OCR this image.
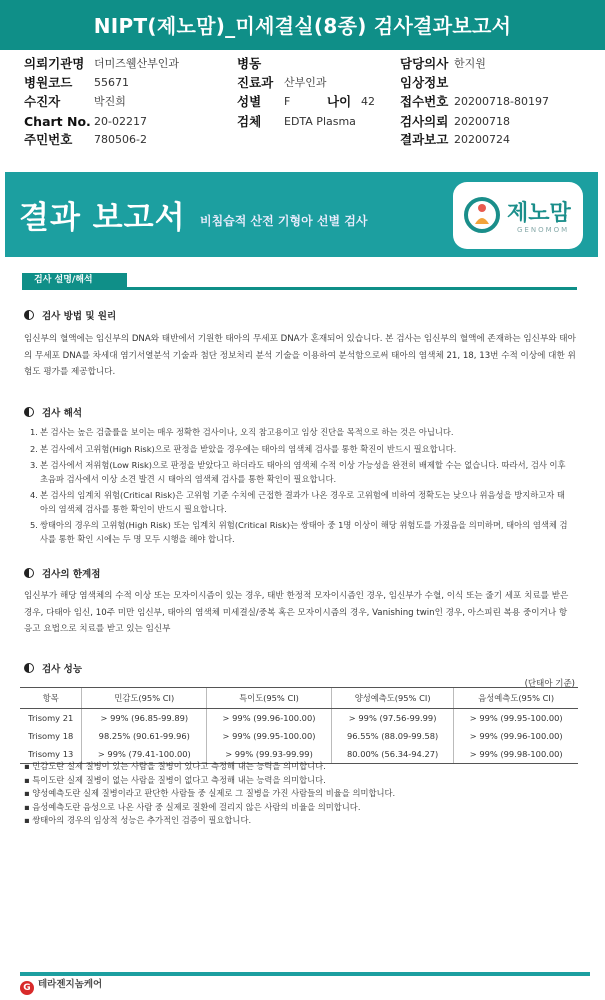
NIPT(제노맘)_미세결실(8종) 검사결과보고서
의뢰기관명 더미즈웰산부인과	병동	담당의사 한지원
병원코드 55671	진료과 산부인과	임상정보
수진자	박진희	성별 F	나이 42 접수번호 20200718-80197
Chart No. 20-02217	검체 EDTA Plasma	검사의뢰 20200718
주민번호 780506-2	결과보고 20200724
결과 보고서 비침습적 산전 기형아 선별 검사	제노맘
GENOMOM
검사 설명/해석
검사 방법 및 원리
임신부의 혈액에는 임신부의 DNA와 태반에서 기원한 태아의 무세포 DNA가 혼재되어 있습니다. 본 검사는 임신부의 혈액에 존재하는 임신부와 태아의 무세포 DNA를 차세대 염기서열분석 기술과 첨단 정보처리 분석 기술을 이용하여 분석함으로써 태아의 염색체 21, 18, 13번 수적 이상에 대한 위험도 평가를 제공합니다.
검사 해석
1. 본 검사는 높은 검출률을 보이는 매우 정확한 검사이나, 오직 참고용이고 임상 진단을 목적으로 하는 것은 아닙니다.
2. 본 검사에서 고위험(High Risk)으로 판정을 받았을 경우에는 태아의 염색체 검사를 통한 확진이 반드시 필요합니다.
3. 본 검사에서 저위험(Low Risk)으로 판정을 받았다고 하더라도 태아의 염색체 수적 이상 가능성을 완전히 배제할 수는 없습니다. 따라서, 검사 이후 초음파 검사에서 이상 소견 발견 시 태아의 염색체 검사를 통한 확인이 필요합니다.
4. 본 검사의 임계치 위험(Critical Risk)은 고위험 기준 수치에 근접한 결과가 나온 경우로 고위험에 비하여 정확도는 낮으나 위음성을 방지하고자 태아의 염색체 검사를 통한 확인이 반드시 필요합니다.
5. 쌍태아의 경우의 고위험(High Risk) 또는 임계치 위험(Critical Risk)는 쌍태아 중 1명 이상이 해당 위험도를 가졌음을 의미하며, 태아의 염색체 검사를 통한 확인 시에는 두 명 모두 시행을 해야 합니다.
검사의 한계점
임신부가 해당 염색체의 수적 이상 또는 모자이시즘이 있는 경우, 태반 한정적 모자이시즘인 경우, 임신부가 수혈, 이식 또는 줄기 세포 치료를 받은 경우, 다태아 임신, 10주 미만 임신부, 태아의 염색체 미세결실/중복 혹은 모자이시즘의 경우, Vanishing twin인 경우, 아스피린 복용 중이거나 항 응고 요법으로 치료를 받고 있는 임신부
검사 성능
(단태아 기준)
항목	민감도(95% CI)	특이도(95% CI)	양성예측도(95% CI)	음성예측도(95% CI)
Trisomy 21	> 99% (96.85-99.89)	> 99% (99.96-100.00)	> 99% (97.56-99.99)	> 99% (99.95-100.00)
Trisomy 18	98.25% (90.61-99.96)	> 99% (99.95-100.00)	96.55% (88.09-99.58)	> 99% (99.96-100.00)
Trisomy 13	> 99% (79.41-100.00)	> 99% (99.93-99.99)	80.00% (56.34-94.27)	> 99% (99.98-100.00)
▪ 민감도란 실제 질병이 있는 사람을 질병이 있다고 측정해 내는 능력을 의미합니다.
▪ 특이도란 실제 질병이 없는 사람을 질병이 없다고 측정해 내는 능력을 의미합니다.
▪ 양성예측도란 실제 질병이라고 판단한 사람들 중 실제로 그 질병을 가진 사람들의 비율을 의미합니다.
▪ 음성예측도란 음성으로 나온 사람 중 실제로 질환에 걸리지 않은 사람의 비율을 의미합니다.
▪ 쌍태아의 경우의 임상적 성능은 추가적인 검증이 필요합니다.
G 테라젠지놈케어
